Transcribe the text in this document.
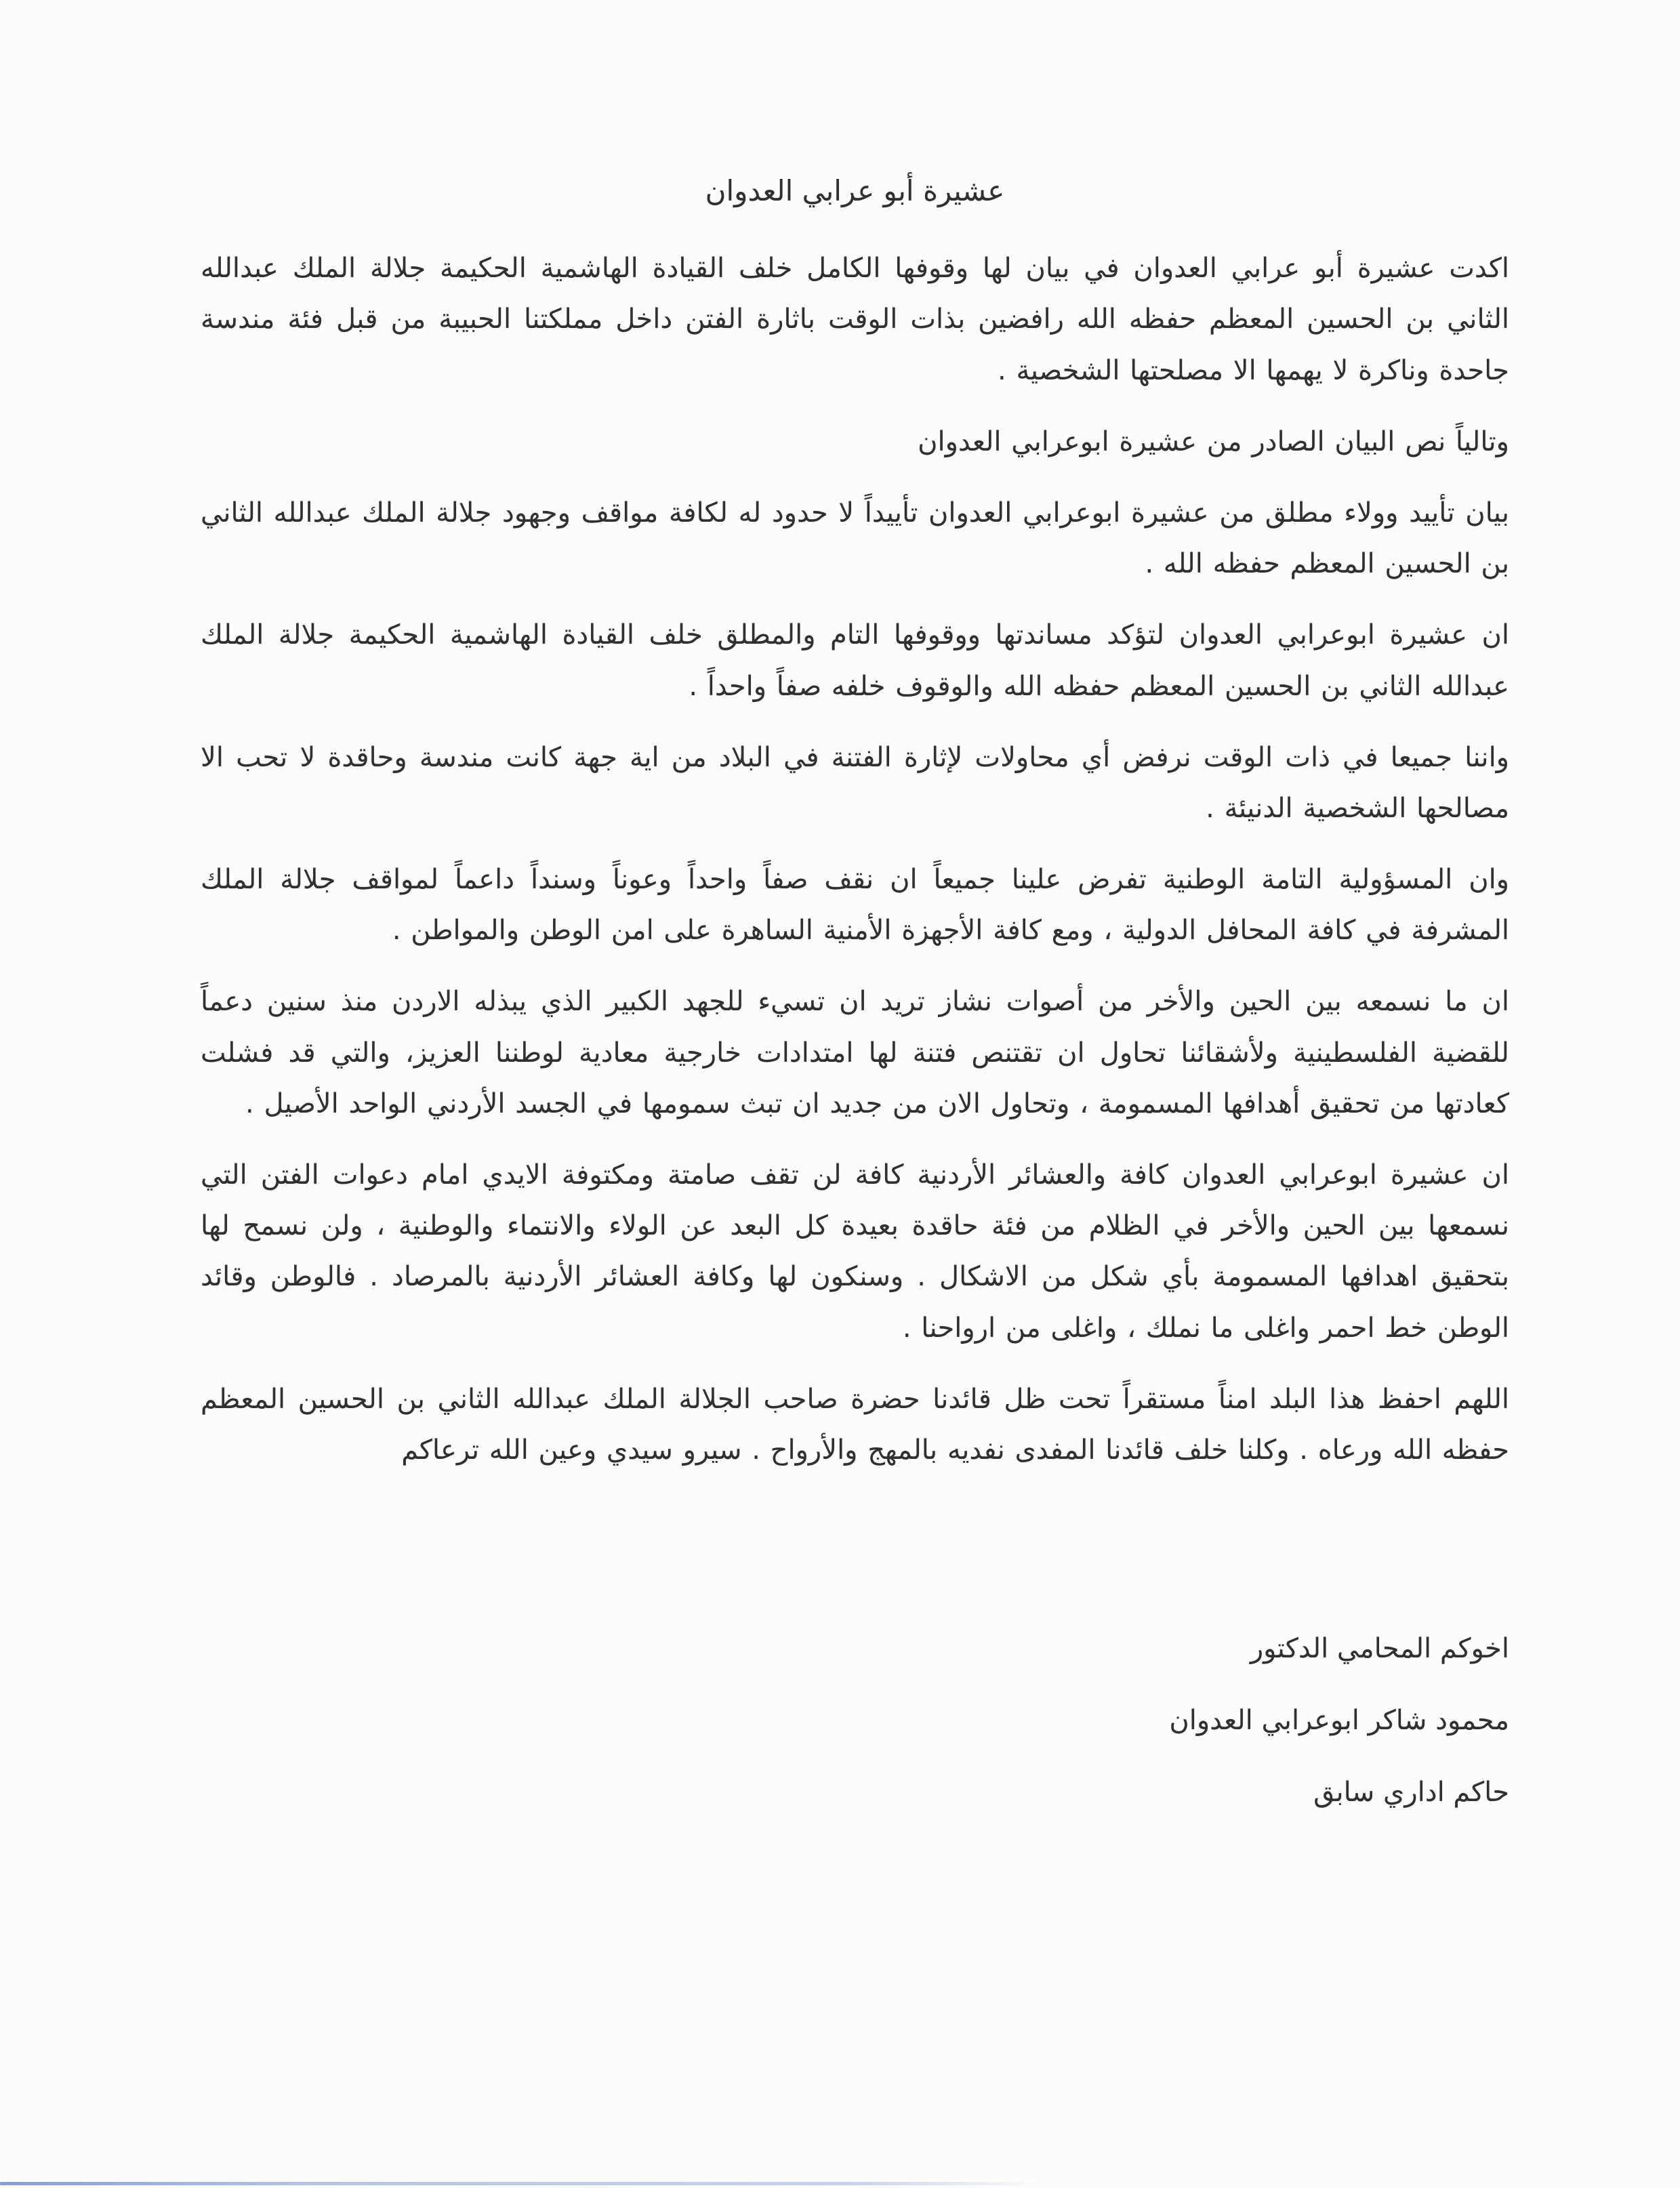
عشيرة أبو عرابي العدوان

اكدت عشيرة أبو عرابي العدوان في بيان لها وقوفها الكامل خلف القيادة الهاشمية الحكيمة جلالة الملك عبدالله الثاني بن الحسين المعظم حفظه الله رافضين بذات الوقت باثارة الفتن داخل مملكتنا الحبيبة من قبل فئة مندسة جاحدة وناكرة لا يهمها الا مصلحتها الشخصية .

وتالياً نص البيان الصادر من عشيرة ابوعرابي العدوان

بيان تأييد وولاء مطلق من عشيرة ابوعرابي العدوان تأييداً لا حدود له لكافة مواقف وجهود جلالة الملك عبدالله الثاني بن الحسين المعظم حفظه الله .

ان عشيرة ابوعرابي العدوان لتؤكد مساندتها ووقوفها التام والمطلق خلف القيادة الهاشمية الحكيمة جلالة الملك عبدالله الثاني بن الحسين المعظم حفظه الله والوقوف خلفه صفاً واحداً .

واننا جميعا في ذات الوقت نرفض أي محاولات لإثارة الفتنة في البلاد من اية جهة كانت مندسة وحاقدة لا تحب الا مصالحها الشخصية الدنيئة .

وان المسؤولية التامة الوطنية تفرض علينا جميعاً ان نقف صفاً واحداً وعوناً وسنداً داعماً لمواقف جلالة الملك المشرفة في كافة المحافل الدولية ، ومع كافة الأجهزة الأمنية الساهرة على امن الوطن والمواطن .

ان ما نسمعه بين الحين والأخر من أصوات نشاز تريد ان تسيء للجهد الكبير الذي يبذله الاردن منذ سنين دعماً للقضية الفلسطينية ولأشقائنا تحاول ان تقتنص فتنة لها امتدادات خارجية معادية لوطننا العزيز، والتي قد فشلت كعادتها من تحقيق أهدافها المسمومة ، وتحاول الان من جديد ان تبث سمومها في الجسد الأردني الواحد الأصيل .

ان عشيرة ابوعرابي العدوان كافة والعشائر الأردنية كافة لن تقف صامتة ومكتوفة الايدي امام دعوات الفتن التي نسمعها بين الحين والأخر في الظلام من فئة حاقدة بعيدة كل البعد عن الولاء والانتماء والوطنية ، ولن نسمح لها بتحقيق اهدافها المسمومة بأي شكل من الاشكال . وسنكون لها وكافة العشائر الأردنية بالمرصاد . فالوطن وقائد الوطن خط احمر واغلى ما نملك ، واغلى من ارواحنا .

اللهم احفظ هذا البلد امناً مستقراً تحت ظل قائدنا حضرة صاحب الجلالة الملك عبدالله الثاني بن الحسين المعظم حفظه الله ورعاه . وكلنا خلف قائدنا المفدى نفديه بالمهج والأرواح . سيرو سيدي وعين الله ترعاكم

اخوكم المحامي الدكتور
محمود شاكر ابوعرابي العدوان
حاكم اداري سابق
